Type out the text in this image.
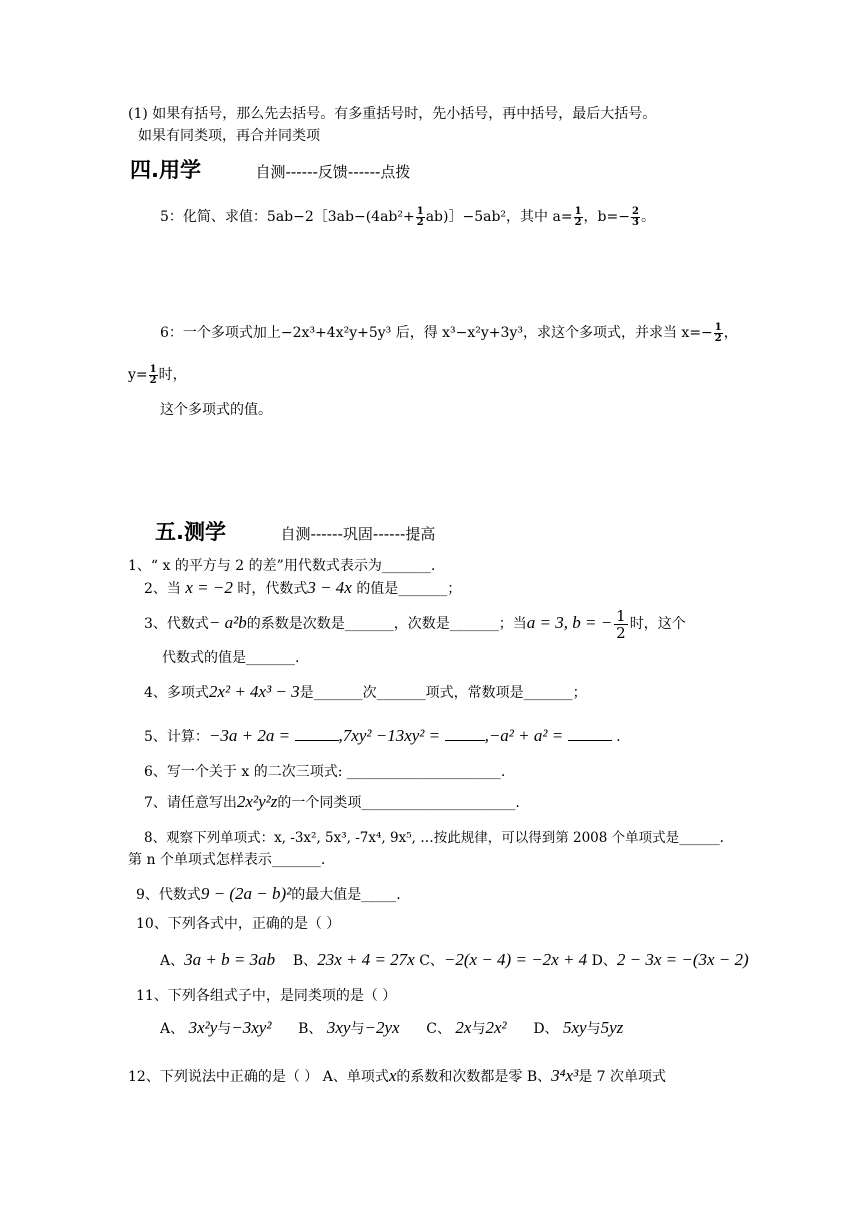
(1) 如果有括号，那么先去括号。有多重括号时，先小括号，再中括号，最后大括号。
如果有同类项，再合并同类项
四.用学	自测------反馈------点拨
5：化简、求值：5ab−2［3ab−(4ab²+ $\frac{1}{2}$ ab)］−5ab²，其中 $a= \frac{1}{2}$ ，$b=- \frac{2}{3}$ 。
6：一个多项式加上−2x³+4x²y+5y³ 后，得 x³−x²y+3y³，求这个多项式，并求当 $x=- \frac{1}{2}$ ，
$y= \frac{1}{2}$ 时，
这个多项式的值。
五.测学	自测------巩固------提高
1、“ x 的平方与 2 的差”用代数式表示为_______.
2、当 x = −2 时，代数式3 − 4x 的值是_______；
3、代数式− a²b的系数是次数是_______，次数是_______；当a = 3, b = − $\frac{1}{2}$ 时，这个
代数式的值是_______.
4、多项式2x² + 4x³ − 3是_______次_______项式，常数项是_______；
5、计算：−3a + 2a =	,7xy² −13xy² =	,−a² + a² =	.
6、写一个关于 x 的二次三项式: ______________________.
7、请任意写出2x²y²z的一个同类项______________________.
8、观察下列单项式：x, -3x², 5x³, -7x⁴, 9x⁵, …按此规律，可以得到第 2008 个单项式是______.
第 n 个单项式怎样表示_______.
9、代数式9 − (2a − b)²的最大值是_____.
10、下列各式中，正确的是（ ）
A、3a + b = 3ab B、23x + 4 = 27x C、−2(x − 4) = −2x + 4 D、2 − 3x = −(3x − 2)
11、下列各组式子中，是同类项的是（ ）
A、 3x²y与−3xy² B、 3xy与−2yx C、 2x与2x² D、 5xy与5yz
12、下列说法中正确的是（ ） A、单项式x的系数和次数都是零 B、3⁴x³是 7 次单项式
